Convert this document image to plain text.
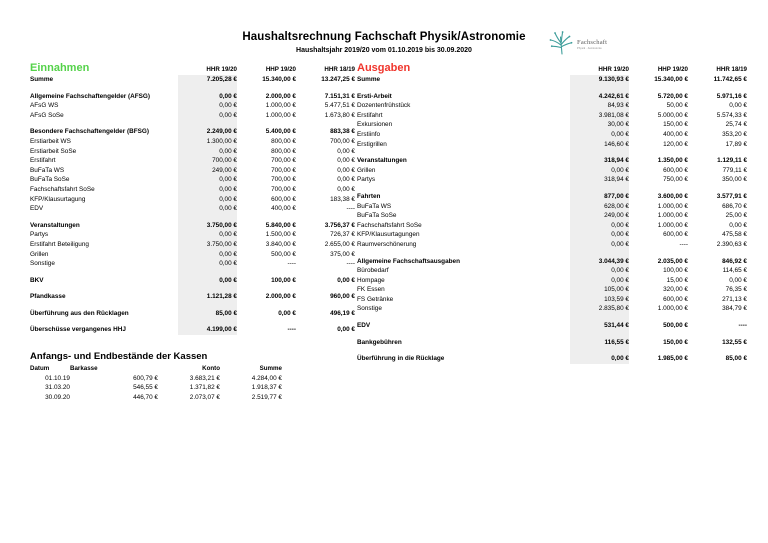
Haushaltsrechnung Fachschaft Physik/Astronomie
Haushaltsjahr 2019/20 vom 01.10.2019 bis 30.09.2020
Fachschaft
Physik · Astronomie
Einnahmen	HHR 19/20	HHP 19/20	HHR 18/19
Summe	7.205,28 €	15.340,00 €	13.247,25 €

Allgemeine Fachschaftengelder (AFSG)	0,00 €	2.000,00 €	7.151,31 €
AFsG WS	0,00 €	1.000,00 €	5.477,51 €
AFsG SoSe	0,00 €	1.000,00 €	1.673,80 €

Besondere Fachschaftengelder (BFSG)	2.249,00 €	5.400,00 €	883,38 €
Erstiarbeit WS	1.300,00 €	800,00 €	700,00 €
Erstiarbeit SoSe	0,00 €	800,00 €	0,00 €
Erstifahrt	700,00 €	700,00 €	0,00 €
BuFaTa WS	249,00 €	700,00 €	0,00 €
BuFaTa SoSe	0,00 €	700,00 €	0,00 €
Fachschaftsfahrt SoSe	0,00 €	700,00 €	0,00 €
KFP/Klausurtagung	0,00 €	600,00 €	183,38 €
EDV	0,00 €	400,00 €	----

Veranstaltungen	3.750,00 €	5.840,00 €	3.756,37 €
Partys	0,00 €	1.500,00 €	726,37 €
Erstifahrt Beteiligung	3.750,00 €	3.840,00 €	2.655,00 €
Grillen	0,00 €	500,00 €	375,00 €
Sonstige	0,00 €	----	----

BKV	0,00 €	100,00 €	0,00 €

Pfandkasse	1.121,28 €	2.000,00 €	960,00 €

Überführung aus den Rücklagen	85,00 €	0,00 €	496,19 €

Überschüsse vergangenes HHJ	4.199,00 €	----	0,00 €
Ausgaben	HHR 19/20	HHP 19/20	HHR 18/19
Summe	9.130,93 €	15.340,00 €	11.742,65 €

Ersti-Arbeit	4.242,61 €	5.720,00 €	5.971,16 €
Dozentenfrühstück	84,93 €	50,00 €	0,00 €
Erstifahrt	3.981,08 €	5.000,00 €	5.574,33 €
Exkursionen	30,00 €	150,00 €	25,74 €
Erstiinfo	0,00 €	400,00 €	353,20 €
Erstigrillen	146,60 €	120,00 €	17,89 €

Veranstaltungen	318,94 €	1.350,00 €	1.129,11 €
Grillen	0,00 €	600,00 €	779,11 €
Partys	318,94 €	750,00 €	350,00 €

Fahrten	877,00 €	3.600,00 €	3.577,91 €
BuFaTa WS	628,00 €	1.000,00 €	686,70 €
BuFaTa SoSe	249,00 €	1.000,00 €	25,00 €
Fachschaftsfahrt SoSe	0,00 €	1.000,00 €	0,00 €
KFP/Klausurtagungen	0,00 €	600,00 €	475,58 €
Raumverschönerung	0,00 €	----	2.390,63 €

Allgemeine Fachschaftsausgaben	3.044,39 €	2.035,00 €	846,92 €
Bürobedarf	0,00 €	100,00 €	114,65 €
Hompage	0,00 €	15,00 €	0,00 €
FK Essen	105,00 €	320,00 €	76,35 €
FS Getränke	103,59 €	600,00 €	271,13 €
Sonstige	2.835,80 €	1.000,00 €	384,79 €

EDV	531,44 €	500,00 €	----

Bankgebühren	116,55 €	150,00 €	132,55 €

Überführung in die Rücklage	0,00 €	1.985,00 €	85,00 €
Anfangs- und Endbestände der Kassen
Datum	Barkasse	Konto	Summe
01.10.19	600,79 €	3.683,21 €	4.284,00 €
31.03.20	546,55 €	1.371,82 €	1.918,37 €
30.09.20	446,70 €	2.073,07 €	2.519,77 €
